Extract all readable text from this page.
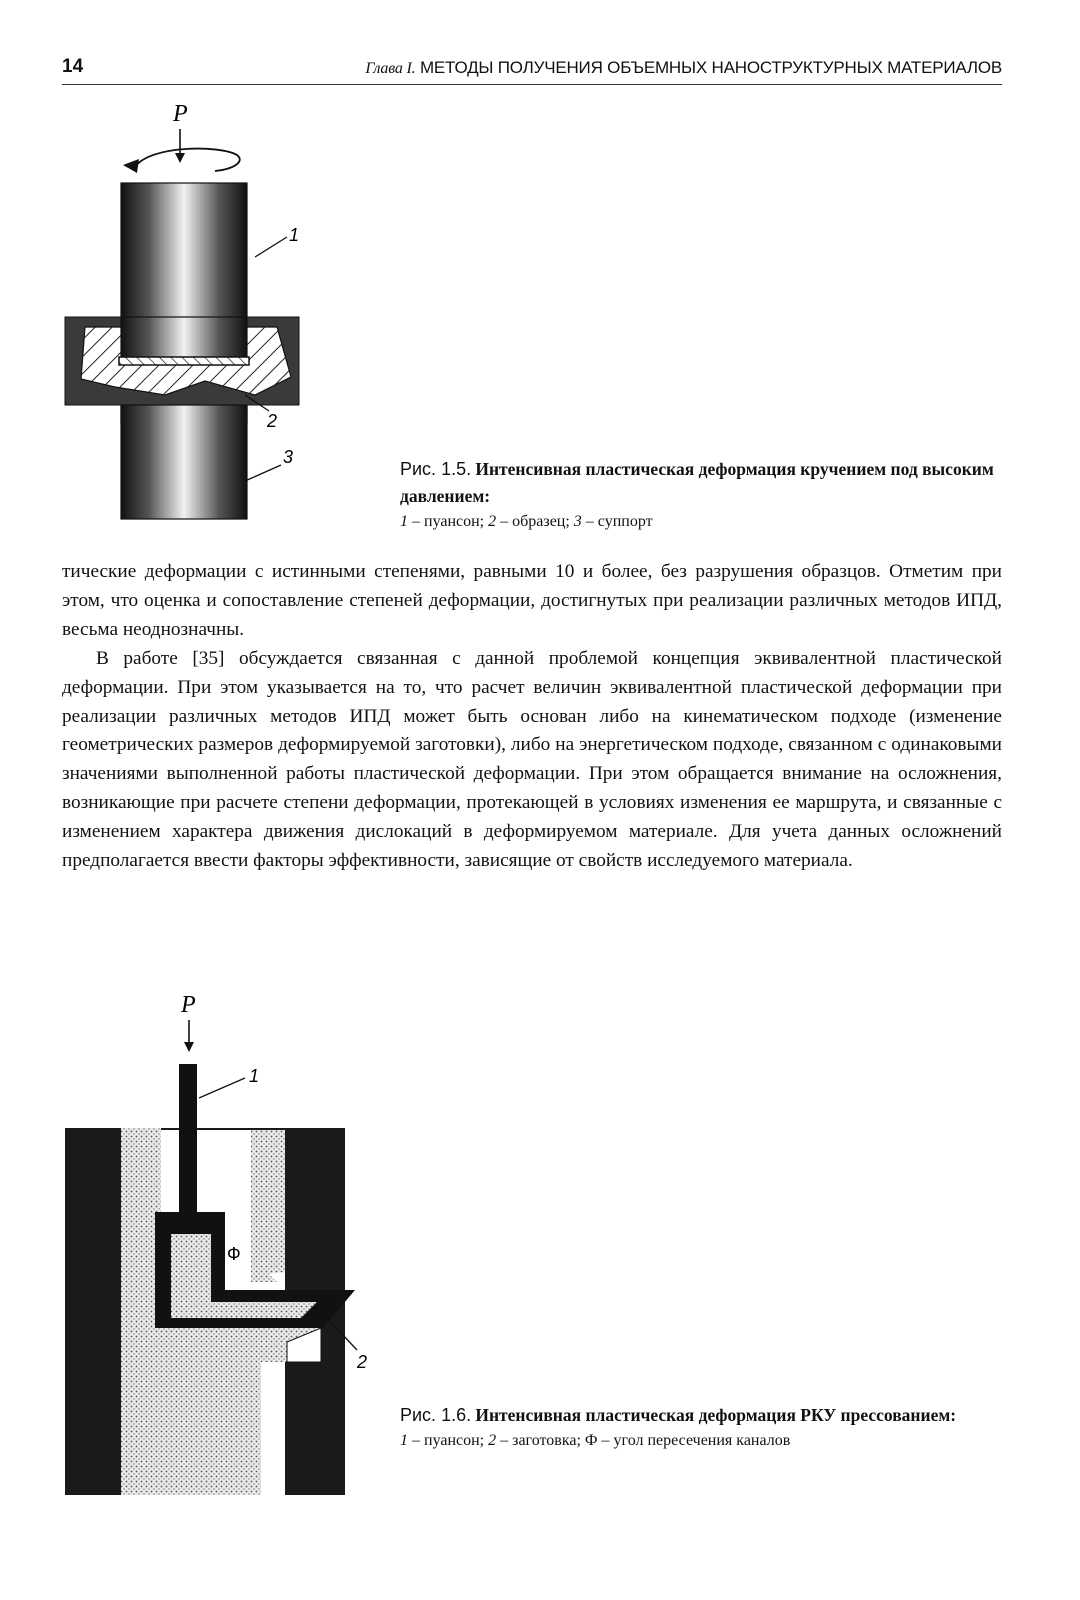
14	Глава I. МЕТОДЫ ПОЛУЧЕНИЯ ОБЪЕМНЫХ НАНОСТРУКТУРНЫХ МАТЕРИАЛОВ
P
1
2
3
Рис. 1.5. Интенсивная пластическая деформация кручением под высоким давлением:
1 – пуансон; 2 – образец; 3 – суппорт

тические деформации с истинными степенями, равными 10 и более, без разрушения образцов. Отметим при этом, что оценка и сопоставление степеней деформации, достигнутых при реализации различных методов ИПД, весьма неоднозначны.

В работе [35] обсуждается связанная с данной проблемой концепция эквивалентной пластической деформации. При этом указывается на то, что расчет величин эквивалентной пластической деформации при реализации различных методов ИПД может быть основан либо на кинематическом подходе (изменение геометрических размеров деформируемой заготовки), либо на энергетическом подходе, связанном с одинаковыми значениями выполненной работы пластической деформации. При этом обращается внимание на осложнения, возникающие при расчете степени деформации, протекающей в условиях изменения ее маршрута, и связанные с изменением характера движения дислокаций в деформируемом материале. Для учета данных осложнений предполагается ввести факторы эффективности, зависящие от свойств исследуемого материала.

P
Ф
1
2
Рис. 1.6. Интенсивная пластическая деформация РКУ прессованием:
1 – пуансон; 2 – заготовка; Ф – угол пересечения каналов
